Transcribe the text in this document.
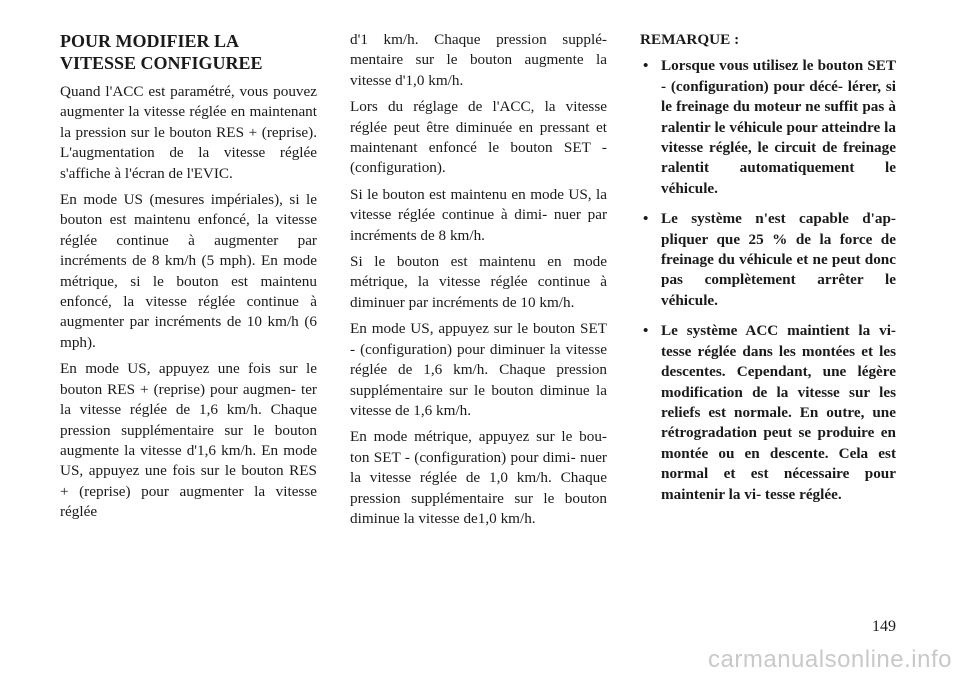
POUR MODIFIER LA VITESSE CONFIGUREE

Quand l'ACC est paramétré, vous pouvez augmenter la vitesse réglée en maintenant la pression sur le bouton RES + (reprise). L'augmentation de la vitesse réglée s'affiche à l'écran de l'EVIC.

En mode US (mesures impériales), si le bouton est maintenu enfoncé, la vitesse réglée continue à augmenter par incréments de 8 km/h (5 mph). En mode métrique, si le bouton est maintenu enfoncé, la vitesse réglée continue à augmenter par incréments de 10 km/h (6 mph).

En mode US, appuyez une fois sur le bouton RES + (reprise) pour augmen- ter la vitesse réglée de 1,6 km/h. Chaque pression supplémentaire sur le bouton augmente la vitesse d'1,6 km/h. En mode US, appuyez une fois sur le bouton RES + (reprise) pour augmenter la vitesse réglée

d'1 km/h. Chaque pression supplé- mentaire sur le bouton augmente la vitesse d'1,0 km/h.

Lors du réglage de l'ACC, la vitesse réglée peut être diminuée en pressant et maintenant enfoncé le bouton SET - (configuration).

Si le bouton est maintenu en mode US, la vitesse réglée continue à dimi- nuer par incréments de 8 km/h.

Si le bouton est maintenu en mode métrique, la vitesse réglée continue à diminuer par incréments de 10 km/h.

En mode US, appuyez sur le bouton SET - (configuration) pour diminuer la vitesse réglée de 1,6 km/h. Chaque pression supplémentaire sur le bouton diminue la vitesse de 1,6 km/h.

En mode métrique, appuyez sur le bou- ton SET - (configuration) pour dimi- nuer la vitesse réglée de 1,0 km/h. Chaque pression supplémentaire sur le bouton diminue la vitesse de1,0 km/h.

REMARQUE :
• Lorsque vous utilisez le bouton SET - (configuration) pour décé- lérer, si le freinage du moteur ne suffit pas à ralentir le véhicule pour atteindre la vitesse réglée, le circuit de freinage ralentit automatiquement le véhicule.
• Le système n'est capable d'ap- pliquer que 25 % de la force de freinage du véhicule et ne peut donc pas complètement arrêter le véhicule.
• Le système ACC maintient la vi- tesse réglée dans les montées et les descentes. Cependant, une légère modification de la vitesse sur les reliefs est normale. En outre, une rétrogradation peut se produire en montée ou en descente. Cela est normal et est nécessaire pour maintenir la vi- tesse réglée.
149
carmanualsonline.info
